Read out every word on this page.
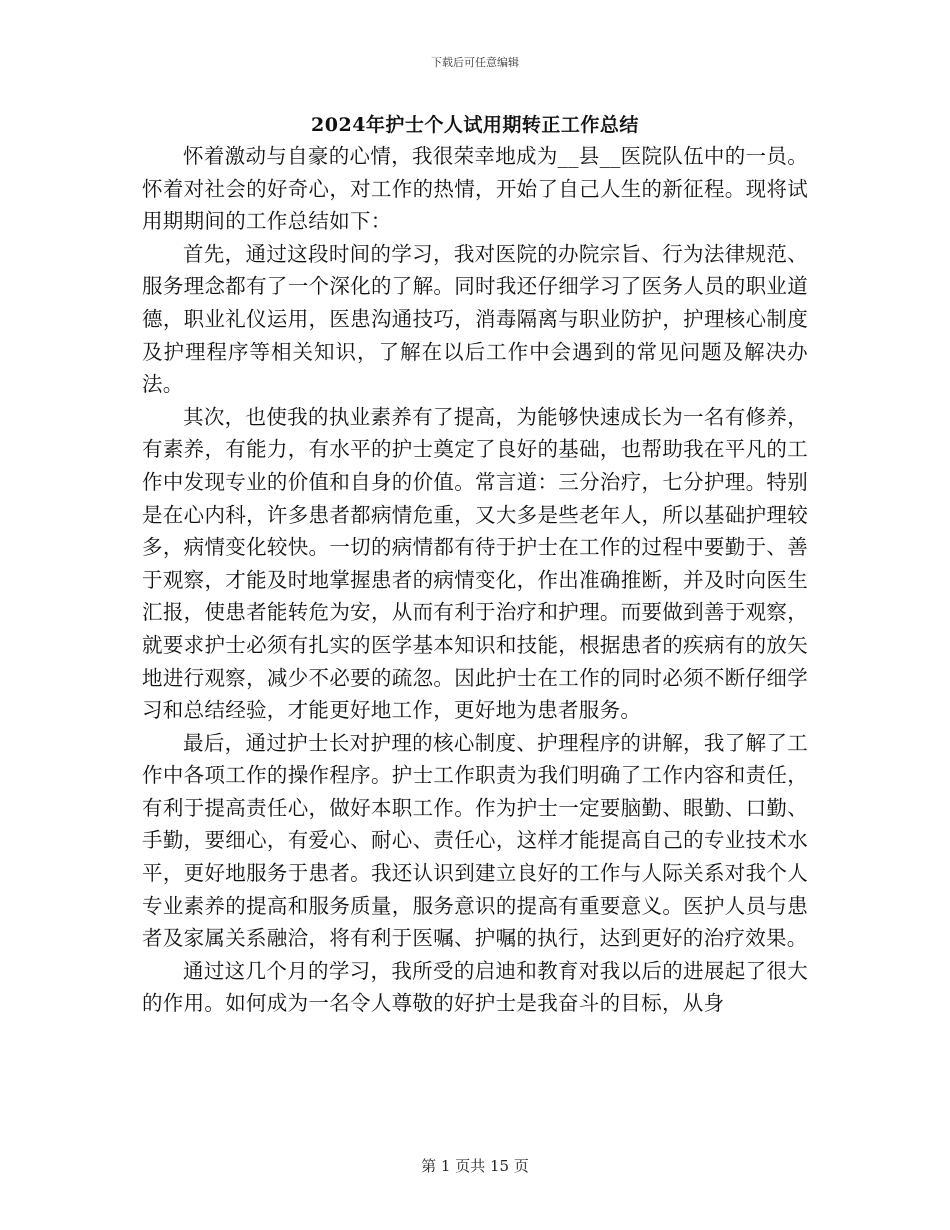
下载后可任意编辑
2024年护士个人试用期转正工作总结

怀着激动与自豪的心情，我很荣幸地成为__县__医院队伍中的一员。怀着对社会的好奇心，对工作的热情，开始了自己人生的新征程。现将试用期期间的工作总结如下：

首先，通过这段时间的学习，我对医院的办院宗旨、行为法律规范、服务理念都有了一个深化的了解。同时我还仔细学习了医务人员的职业道德，职业礼仪运用，医患沟通技巧，消毒隔离与职业防护，护理核心制度及护理程序等相关知识，了解在以后工作中会遇到的常见问题及解决办法。

其次，也使我的执业素养有了提高，为能够快速成长为一名有修养，有素养，有能力，有水平的护士奠定了良好的基础，也帮助我在平凡的工作中发现专业的价值和自身的价值。常言道：三分治疗，七分护理。特别是在心内科，许多患者都病情危重，又大多是些老年人，所以基础护理较多，病情变化较快。一切的病情都有待于护士在工作的过程中要勤于、善于观察，才能及时地掌握患者的病情变化，作出准确推断，并及时向医生汇报，使患者能转危为安，从而有利于治疗和护理。而要做到善于观察，就要求护士必须有扎实的医学基本知识和技能，根据患者的疾病有的放矢地进行观察，减少不必要的疏忽。因此护士在工作的同时必须不断仔细学习和总结经验，才能更好地工作，更好地为患者服务。

最后，通过护士长对护理的核心制度、护理程序的讲解，我了解了工作中各项工作的操作程序。护士工作职责为我们明确了工作内容和责任，有利于提高责任心，做好本职工作。作为护士一定要脑勤、眼勤、口勤、手勤，要细心，有爱心、耐心、责任心，这样才能提高自己的专业技术水平，更好地服务于患者。我还认识到建立良好的工作与人际关系对我个人专业素养的提高和服务质量，服务意识的提高有重要意义。医护人员与患者及家属关系融洽，将有利于医嘱、护嘱的执行，达到更好的治疗效果。

通过这几个月的学习，我所受的启迪和教育对我以后的进展起了很大的作用。如何成为一名令人尊敬的好护士是我奋斗的目标，从身

第 1 页共 15 页
